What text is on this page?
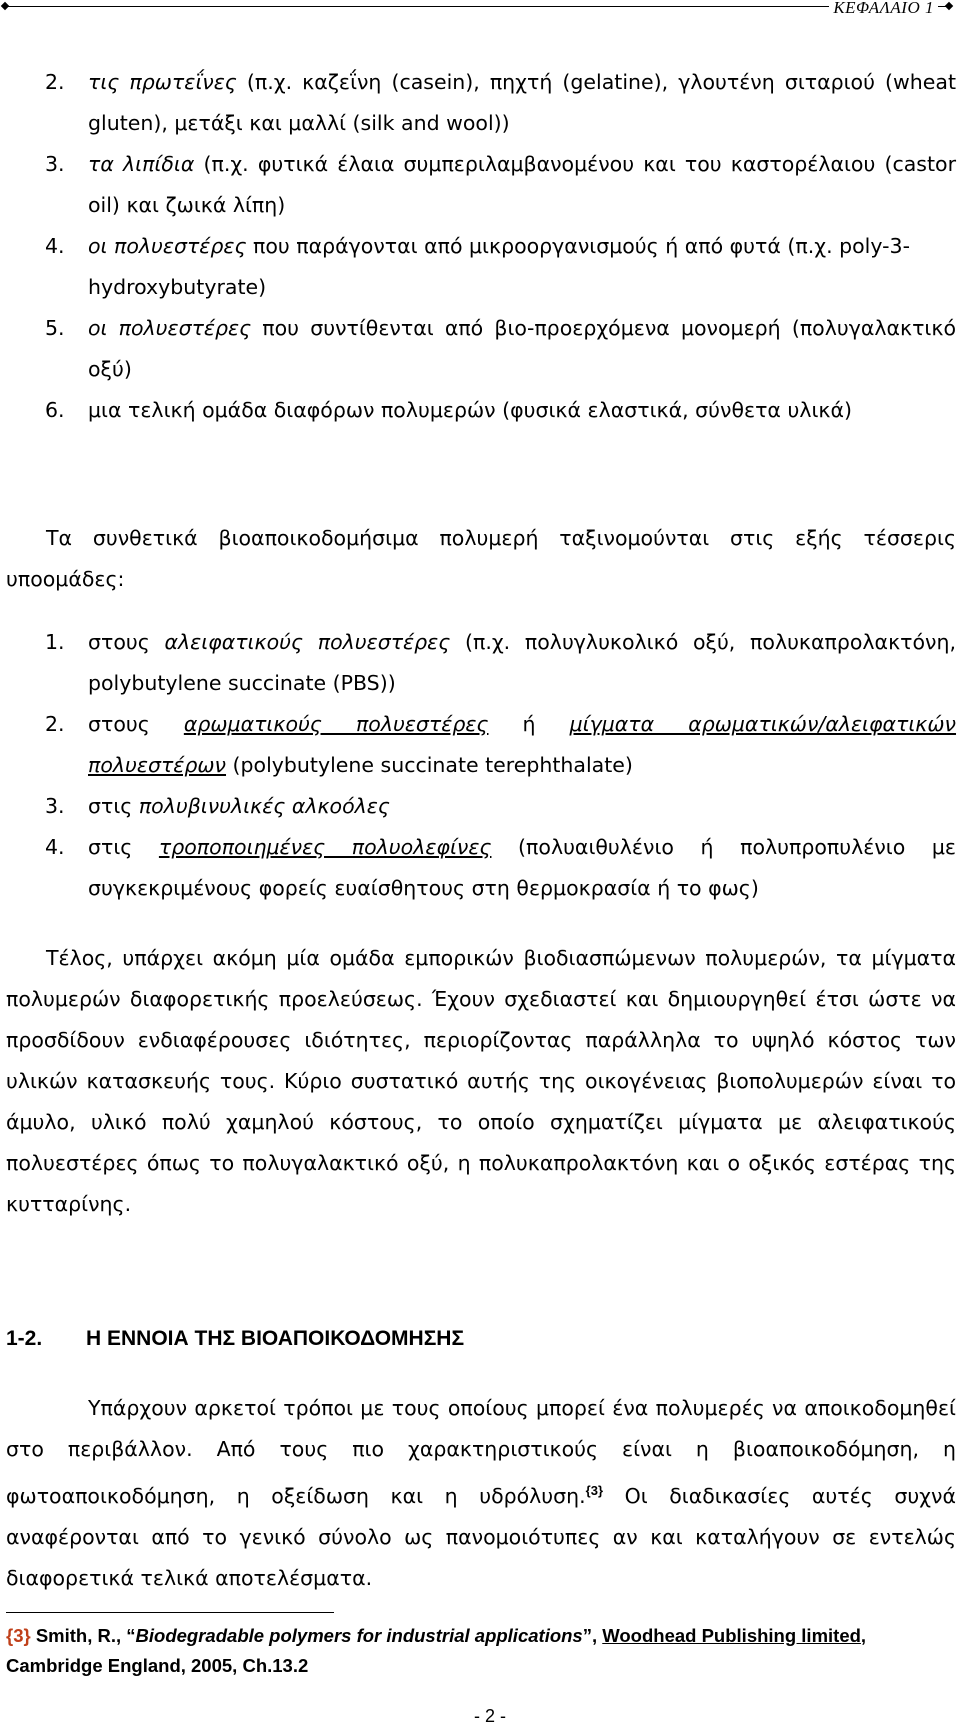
ΚΕΦΑΛΑΙΟ 1
2. τις πρωτεΐνες (π.χ. καζεΐνη (casein), πηχτή (gelatine), γλουτένη σιταριού (wheat gluten), μετάξι και μαλλί (silk and wool))
3. τα λιπίδια (π.χ. φυτικά έλαια συμπεριλαμβανομένου και του καστορέλαιου (castor oil) και ζωικά λίπη)
4. οι πολυεστέρες που παράγονται από μικροοργανισμούς ή από φυτά (π.χ. poly-3-hydroxybutyrate)
5. οι πολυεστέρες που συντίθενται από βιο-προερχόμενα μονομερή (πολυγαλακτικό οξύ)
6. μια τελική ομάδα διαφόρων πολυμερών (φυσικά ελαστικά, σύνθετα υλικά)

Τα συνθετικά βιοαποικοδομήσιμα πολυμερή ταξινομούνται στις εξής τέσσερις υποομάδες:

1. στους αλειφατικούς πολυεστέρες (π.χ. πολυγλυκολικό οξύ, πολυκαπρολακτόνη, polybutylene succinate (PBS))
2. στους αρωματικούς πολυεστέρες ή μίγματα αρωματικών/αλειφατικών πολυεστέρων (polybutylene succinate terephthalate)
3. στις πολυβινυλικές αλκοόλες
4. στις τροποποιημένες πολυολεφίνες (πολυαιθυλένιο ή πολυπροπυλένιο με συγκεκριμένους φορείς ευαίσθητους στη θερμοκρασία ή το φως)

Τέλος, υπάρχει ακόμη μία ομάδα εμπορικών βιοδιασπώμενων πολυμερών, τα μίγματα πολυμερών διαφορετικής προελεύσεως. Έχουν σχεδιαστεί και δημιουργηθεί έτσι ώστε να προσδίδουν ενδιαφέρουσες ιδιότητες, περιορίζοντας παράλληλα το υψηλό κόστος των υλικών κατασκευής τους. Κύριο συστατικό αυτής της οικογένειας βιοπολυμερών είναι το άμυλο, υλικό πολύ χαμηλού κόστους, το οποίο σχηματίζει μίγματα με αλειφατικούς πολυεστέρες όπως το πολυγαλακτικό οξύ, η πολυκαπρολακτόνη και ο οξικός εστέρας της κυτταρίνης.

1-2. Η ΕΝΝΟΙΑ ΤΗΣ ΒΙΟΑΠΟΙΚΟΔΟΜΗΣΗΣ

Υπάρχουν αρκετοί τρόποι με τους οποίους μπορεί ένα πολυμερές να αποικοδομηθεί στο περιβάλλον. Από τους πιο χαρακτηριστικούς είναι η βιοαποικοδόμηση, η φωτοαποικοδόμηση, η οξείδωση και η υδρόλυση.$^{\{3\}}$ Οι διαδικασίες αυτές συχνά αναφέρονται από το γενικό σύνολο ως πανομοιότυπες αν και καταλήγουν σε εντελώς διαφορετικά τελικά αποτελέσματα.

{3} Smith, R., “Biodegradable polymers for industrial applications”, Woodhead Publishing limited, Cambridge England, 2005, Ch.13.2
- 2 -
